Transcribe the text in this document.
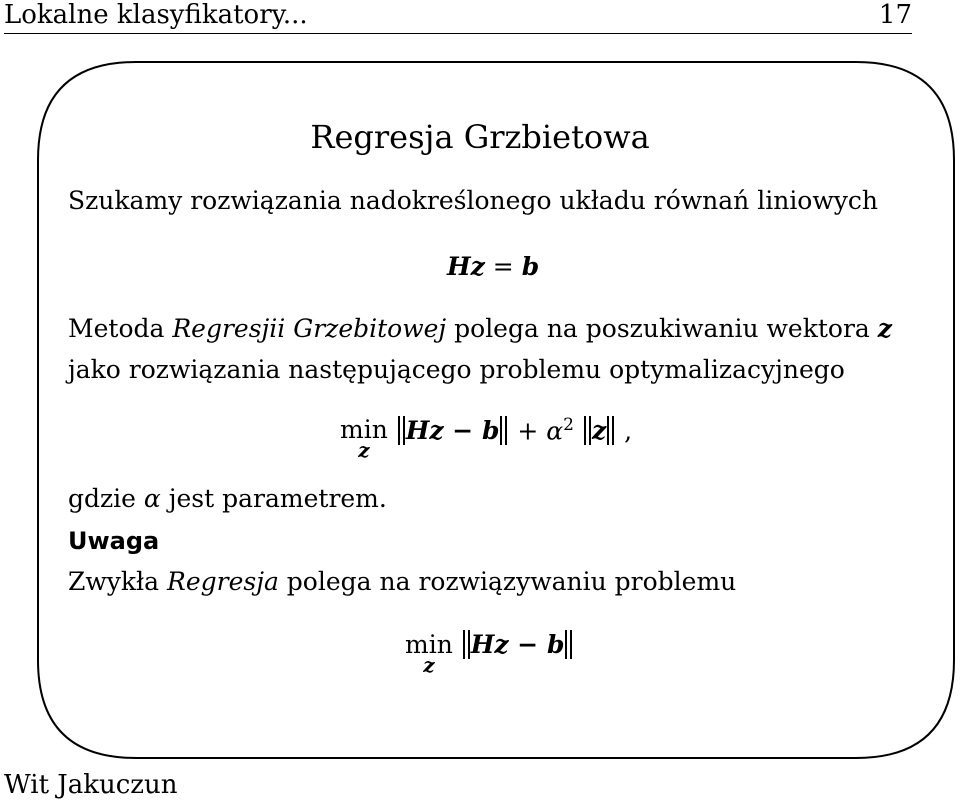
Lokalne klasyfikatory...	17
Regresja Grzbietowa
Szukamy rozwiązania nadokreślonego układu równań liniowych
Hz = b
Metoda Regresjii Grzebitowej polega na poszukiwaniu wektora z
jako rozwiązania następującego problemu optymalizacyjnego
min
z
$Hz - b + \alpha^2$ z ,
gdzie α jest parametrem.
Uwaga
Zwykła Regresja polega na rozwiązywaniu problemu
min
z
Hz − b
Wit Jakuczun
